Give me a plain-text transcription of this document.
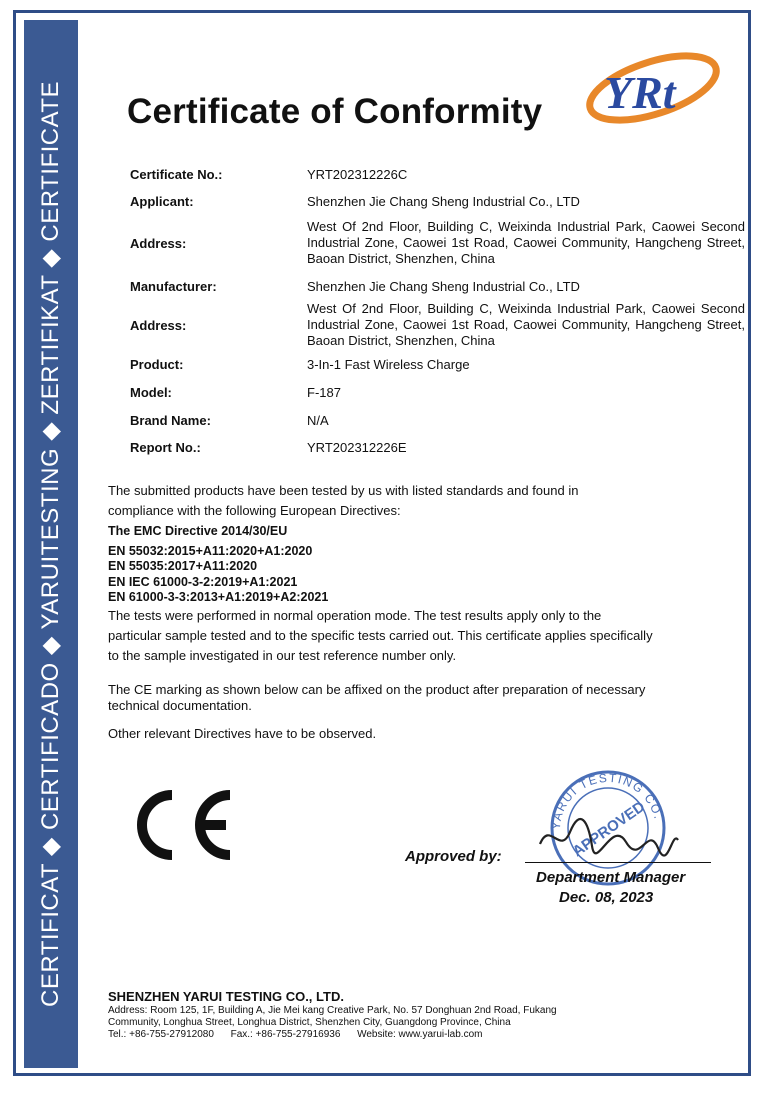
CERTIFICAT ◆ CERTIFICADO ◆ YARUITESTING ◆ ZERTIFIKAT ◆ CERTIFICATE Certificate of Conformity YRt
Certificate No.:	YRT202312226C
Applicant:	Shenzhen Jie Chang Sheng Industrial Co., LTD
Address:
West Of 2nd Floor, Building C, Weixinda Industrial Park, Caowei Second Industrial Zone, Caowei 1st Road, Caowei Community, Hangcheng Street, Baoan District, Shenzhen, China
Manufacturer:	Shenzhen Jie Chang Sheng Industrial Co., LTD
Address:
West Of 2nd Floor, Building C, Weixinda Industrial Park, Caowei Second Industrial Zone, Caowei 1st Road, Caowei Community, Hangcheng Street, Baoan District, Shenzhen, China
Product:	3-In-1 Fast Wireless Charge
Model:	F-187
Brand Name:	N/A
Report No.:	YRT202312226E
The submitted products have been tested by us with listed standards and found in
compliance with the following European Directives:
The EMC Directive 2014/30/EU
EN 55032:2015+A11:2020+A1:2020
EN 55035:2017+A11:2020
EN IEC 61000-3-2:2019+A1:2021
EN 61000-3-3:2013+A1:2019+A2:2021
The tests were performed in normal operation mode. The test results apply only to the
particular sample tested and to the specific tests carried out. This certificate applies specifically
to the sample investigated in our test reference number only.
The CE marking as shown below can be affixed on the product after preparation of necessary
technical documentation.
Other relevant Directives have to be observed.
YARUI TESTING CO.
APPROVED
Approved by:
Department Manager
Dec. 08, 2023
SHENZHEN YARUI TESTING CO., LTD.
Address: Room 125, 1F, Building A, Jie Mei kang Creative Park, No. 57 Donghuan 2nd Road, Fukang
Community, Longhua Street, Longhua District, Shenzhen City, Guangdong Province, China
Tel.: +86-755-27912080      Fax.: +86-755-27916936      Website: www.yarui-lab.com
